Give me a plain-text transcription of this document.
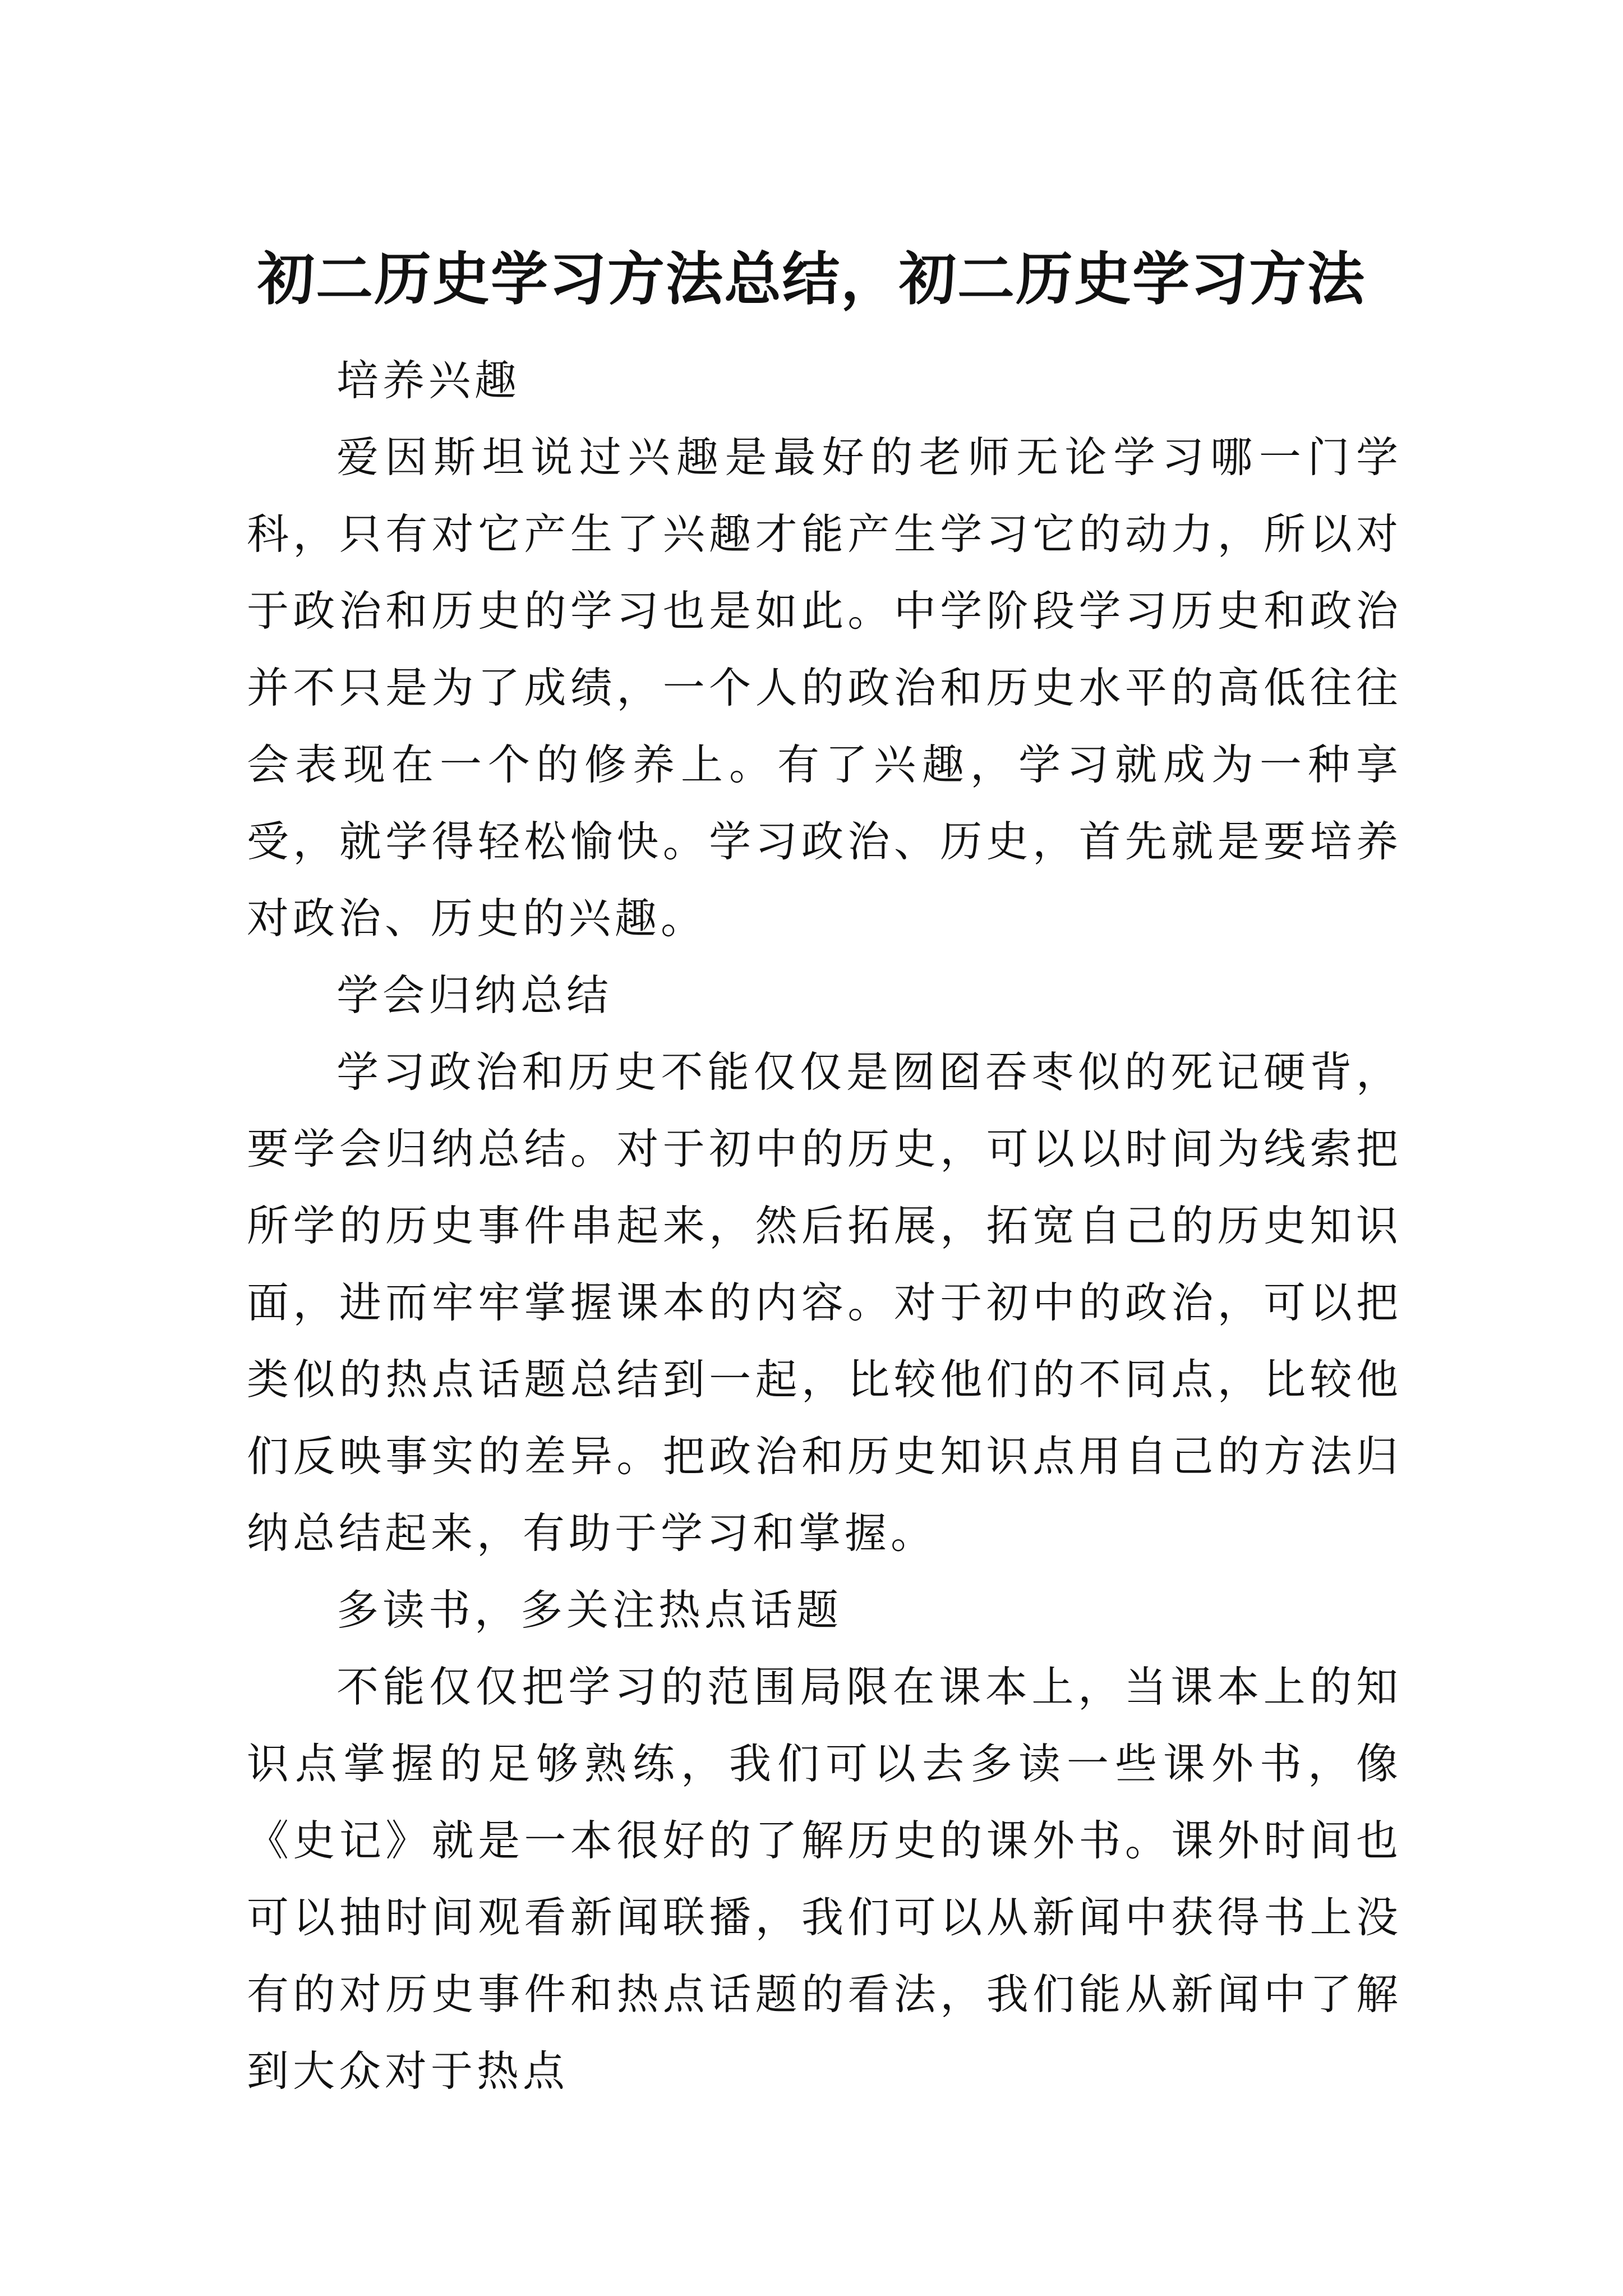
初二历史学习方法总结，初二历史学习方法

培养兴趣

爱因斯坦说过兴趣是最好的老师无论学习哪一门学科，只有对它产生了兴趣才能产生学习它的动力，所以对于政治和历史的学习也是如此。中学阶段学习历史和政治并不只是为了成绩，一个人的政治和历史水平的高低往往会表现在一个的修养上。有了兴趣，学习就成为一种享受，就学得轻松愉快。学习政治、历史，首先就是要培养对政治、历史的兴趣。

学会归纳总结

学习政治和历史不能仅仅是囫囵吞枣似的死记硬背，要学会归纳总结。对于初中的历史，可以以时间为线索把所学的历史事件串起来，然后拓展，拓宽自己的历史知识面，进而牢牢掌握课本的内容。对于初中的政治，可以把类似的热点话题总结到一起，比较他们的不同点，比较他们反映事实的差异。把政治和历史知识点用自己的方法归纳总结起来，有助于学习和掌握。

多读书，多关注热点话题

不能仅仅把学习的范围局限在课本上，当课本上的知识点掌握的足够熟练，我们可以去多读一些课外书，像《史记》就是一本很好的了解历史的课外书。课外时间也可以抽时间观看新闻联播，我们可以从新闻中获得书上没有的对历史事件和热点话题的看法，我们能从新闻中了解到大众对于热点
